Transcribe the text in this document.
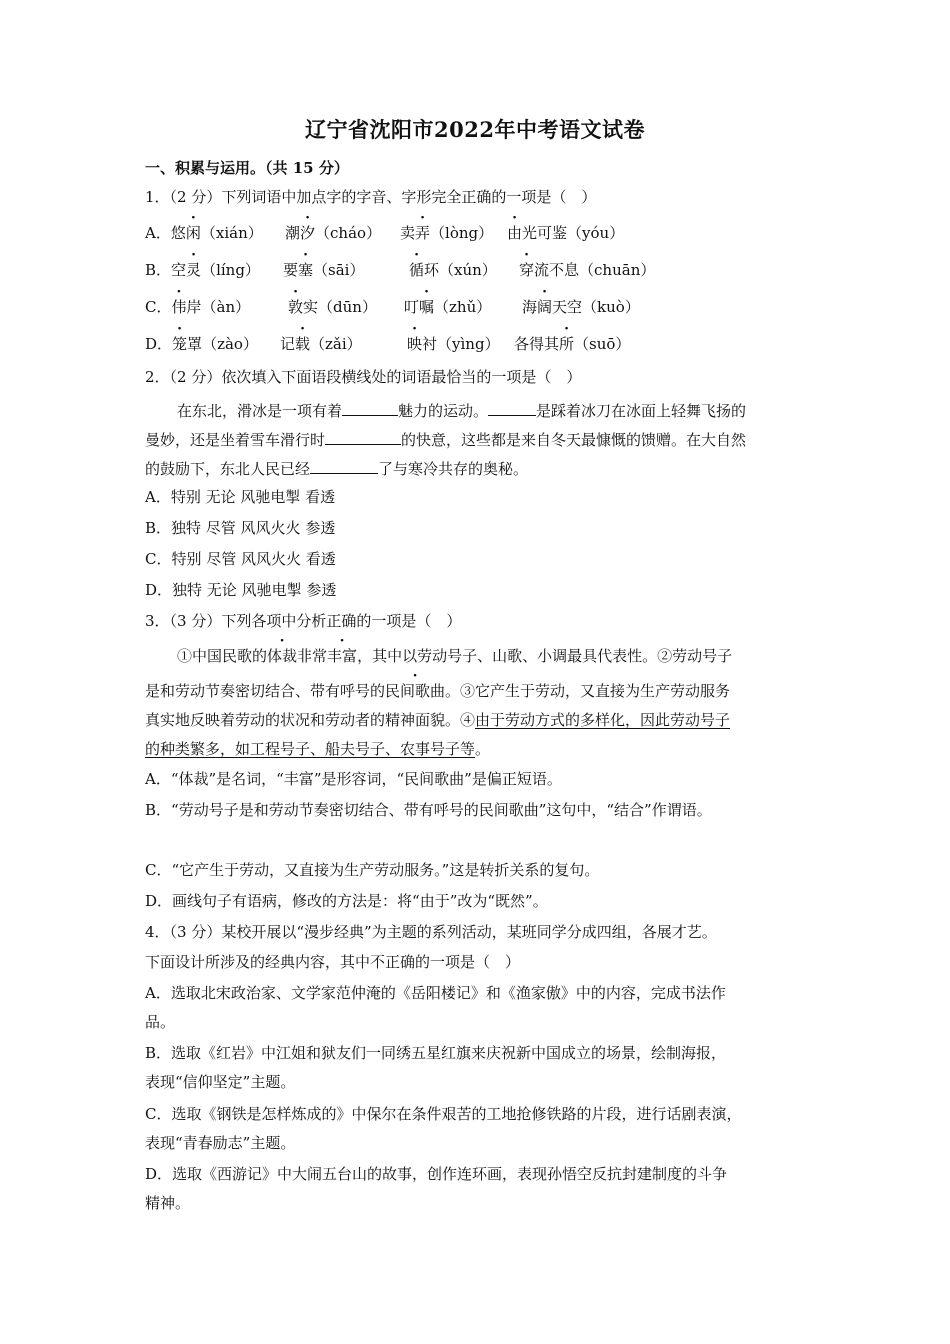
辽宁省沈阳市2022年中考语文试卷
一、积累与运用。（共 15 分）
1．（2 分）下列词语中加点字的字音、字形完全正确的一项是（　）
A．悠闲（xián） 潮汐（cháo） 卖弄（lòng） 由光可鉴（yóu）
B．空灵（líng） 要塞（sāi）	循环（xún） 穿流不息（chuān）
C．伟岸（àn）	敦实（dūn） 叮嘱（zhǔ） 海阔天空（kuò）
D．笼罩（zào） 记载（zǎi）	映衬（yìng） 各得其所（suō）
2．（2 分）依次填入下面语段横线处的词语最恰当的一项是（　）
在东北，滑冰是一项有着	魅力的运动。	是踩着冰刀在冰面上轻舞飞扬的
曼妙，还是坐着雪车滑行时	的快意，这些都是来自冬天最慷慨的馈赠。在大自然
的鼓励下，东北人民已经	了与寒冷共存的奥秘。
A．特别 无论 风驰电掣 看透
B．独特 尽管 风风火火 参透
C．特别 尽管 风风火火 看透
D．独特 无论 风驰电掣 参透
3．（3 分）下列各项中分析正确的一项是（　）
①中国民歌的体裁非常丰富，其中以劳动号子、山歌、小调最具代表性。②劳动号子
是和劳动节奏密切结合、带有呼号的民间歌曲。③它产生于劳动，又直接为生产劳动服务
真实地反映着劳动的状况和劳动者的精神面貌。④由于劳动方式的多样化，因此劳动号子
的种类繁多，如工程号子、船夫号子、农事号子等。
A．“体裁”是名词，“丰富”是形容词，“民间歌曲”是偏正短语。
B．“劳动号子是和劳动节奏密切结合、带有呼号的民间歌曲”这句中，“结合”作谓语。
C．“它产生于劳动，又直接为生产劳动服务。”这是转折关系的复句。
D．画线句子有语病，修改的方法是：将“由于”改为“既然”。
4．（3 分）某校开展以“漫步经典”为主题的系列活动，某班同学分成四组，各展才艺。
下面设计所涉及的经典内容，其中不正确的一项是（　）
A．选取北宋政治家、文学家范仲淹的《岳阳楼记》和《渔家傲》中的内容，完成书法作
品。
B．选取《红岩》中江姐和狱友们一同绣五星红旗来庆祝新中国成立的场景，绘制海报，
表现“信仰坚定”主题。
C．选取《钢铁是怎样炼成的》中保尔在条件艰苦的工地抢修铁路的片段，进行话剧表演，
表现“青春励志”主题。
D．选取《西游记》中大闹五台山的故事，创作连环画，表现孙悟空反抗封建制度的斗争
精神。
